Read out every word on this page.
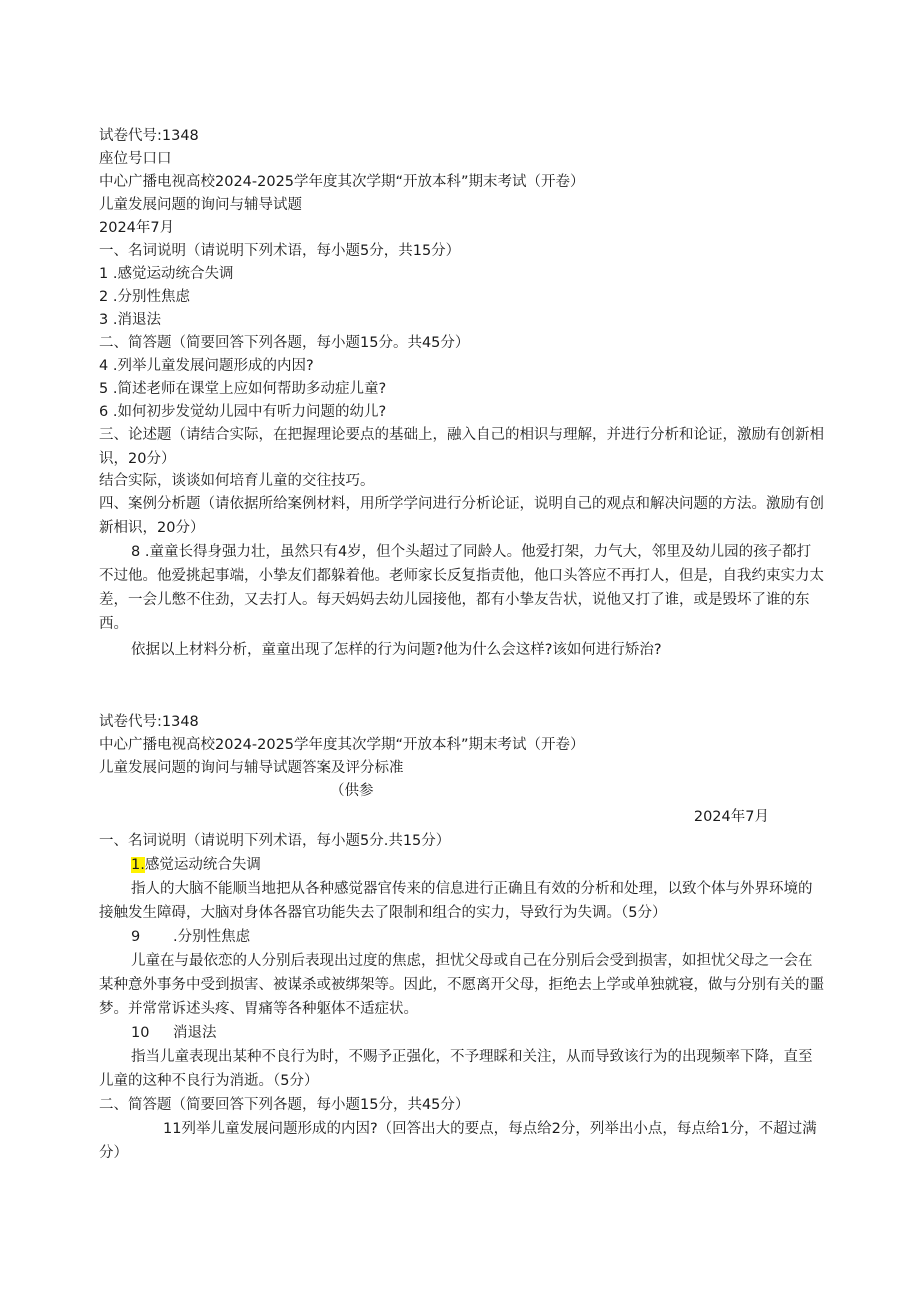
试卷代号:1348
座位号口口
中心广播电视高校2024-2025学年度其次学期“开放本科”期末考试（开卷）
儿童发展问题的询问与辅导试题
2024年7月
一、名词说明（请说明下列术语，每小题5分，共15分）
1 .感觉运动统合失调
2 .分别性焦虑
3 .消退法
二、简答题（简要回答下列各题，每小题15分。共45分）
4 .列举儿童发展问题形成的内因?
5 .简述老师在课堂上应如何帮助多动症儿童?
6 .如何初步发觉幼儿园中有听力问题的幼儿?
三、论述题（请结合实际，在把握理论要点的基础上，融入自己的相识与理解，并进行分析和论证，激励有创新相识，20分）
结合实际，谈谈如何培育儿童的交往技巧。
四、案例分析题（请依据所给案例材料，用所学学问进行分析论证，说明自己的观点和解决问题的方法。激励有创新相识，20分）
8 .童童长得身强力壮，虽然只有4岁，但个头超过了同龄人。他爱打架，力气大，邻里及幼儿园的孩子都打不过他。他爱挑起事端，小挚友们都躲着他。老师家长反复指责他，他口头答应不再打人，但是，自我约束实力太差，一会儿憋不住劲，又去打人。每天妈妈去幼儿园接他，都有小挚友告状，说他又打了谁，或是毁坏了谁的东西。
依据以上材料分析，童童出现了怎样的行为问题?他为什么会这样?该如何进行矫治?
试卷代号:1348
中心广播电视高校2024-2025学年度其次学期“开放本科”期末考试（开卷）
儿童发展问题的询问与辅导试题答案及评分标准
（供参
2024年7月
一、名词说明（请说明下列术语，每小题5分.共15分）
1.感觉运动统合失调
指人的大脑不能顺当地把从各种感觉器官传来的信息进行正确且有效的分析和处理，以致个体与外界环境的接触发生障碍，大脑对身体各器官功能失去了限制和组合的实力，导致行为失调。（5分）
9 .分别性焦虑
儿童在与最依恋的人分别后表现出过度的焦虑，担忧父母或自己在分别后会受到损害，如担忧父母之一会在某种意外事务中受到损害、被谋杀或被绑架等。因此，不愿离开父母，拒绝去上学或单独就寝，做与分别有关的噩梦。并常常诉述头疼、胃痛等各种躯体不适症状。
10 消退法
指当儿童表现出某种不良行为时，不赐予正强化，不予理睬和关注，从而导致该行为的出现频率下降，直至儿童的这种不良行为消逝。（5分）
二、简答题（简要回答下列各题，每小题15分，共45分）
11列举儿童发展问题形成的内因?（回答出大的要点，每点给2分，列举出小点，每点给1分，不超过满分）
